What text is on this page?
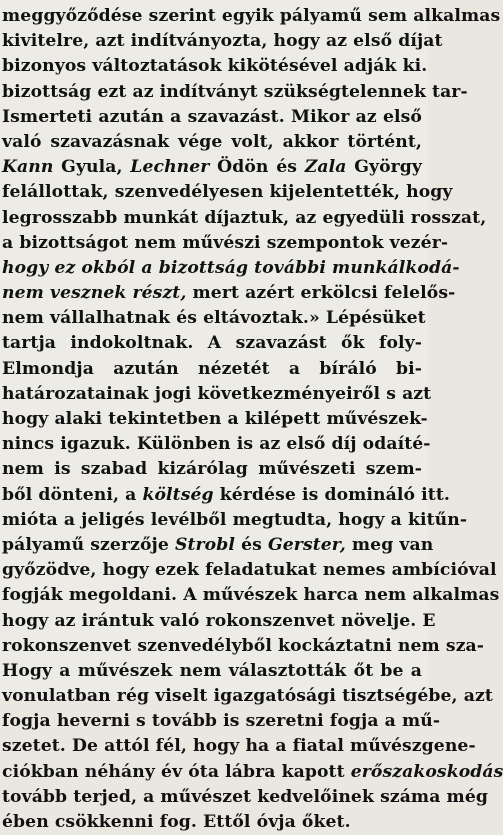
meggyőződése szerint egyik pályamű sem alkalmas
kivitelre, azt indítványozta, hogy az első díjat
bizonyos változtatások kikötésével adják ki.
bizottság ezt az indítványt szükségtelennek tar-
Ismerteti azután a szavazást. Mikor az első
való szavazásnak vége volt, akkor történt,
Kann Gyula, Lechner Ödön és Zala György
felállottak, szenvedélyesen kijelentették, hogy
legrosszabb munkát díjaztuk, az egyedüli rosszat,
a bizottságot nem művészi szempontok vezér-
hogy ez okból a bizottság további munkálkodá-
nem vesznek részt, mert azért erkölcsi felelős-
nem vállalhatnak és eltávoztak.» Lépésüket
tartja indokoltnak. A szavazást ők foly-
Elmondja azután nézetét a bíráló bi-
határozatainak jogi következményeiről s azt
hogy alaki tekintetben a kilépett művészek-
nincs igazuk. Különben is az első díj odaíté-
nem is szabad kizárólag művészeti szem-
ből dönteni, a költség kérdése is domináló itt.
mióta a jeligés levélből megtudta, hogy a kitűn-
pályamű szerzője Strobl és Gerster, meg van
győzödve, hogy ezek feladatukat nemes ambícióval
fogják megoldani. A művészek harca nem alkalmas
hogy az irántuk való rokonszenvet növelje. E
rokonszenvet szenvedélyből kockáztatni nem sza-
Hogy a művészek nem választották őt be a
vonulatban rég viselt igazgatósági tisztségébe, azt
fogja heverni s tovább is szeretni fogja a mű-
szetet. De attól fél, hogy ha a fiatal művészgene-
ciókban néhány év óta lábra kapott erőszakoskodás
tovább terjed, a művészet kedvelőinek száma még
ében csökkenni fog. Ettől óvja őket.
